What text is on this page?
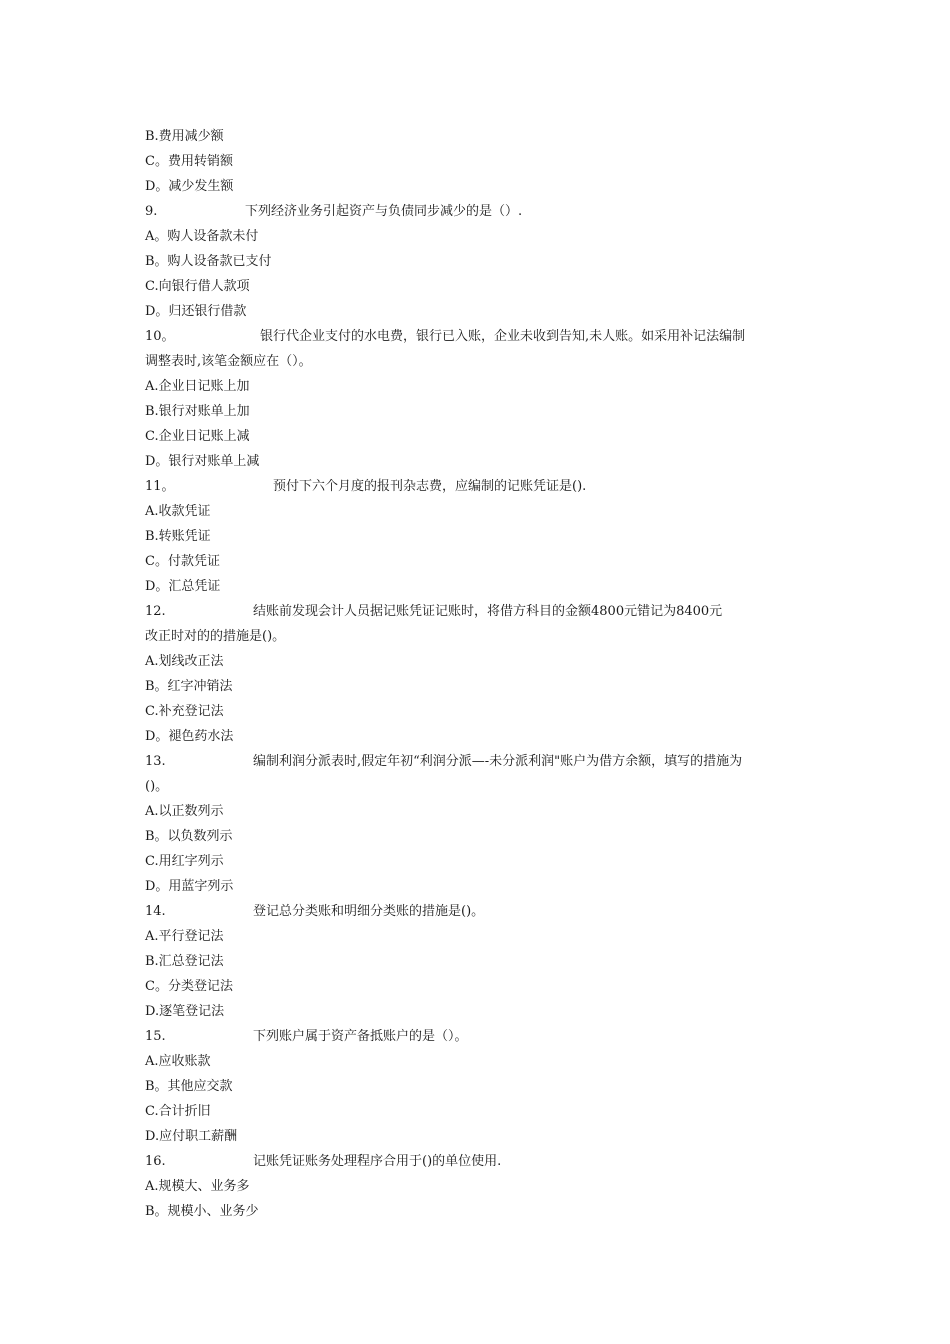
B.费用减少额
C。费用转销额
D。减少发生额
9.	下列经济业务引起资产与负债同步减少的是（）.
A。购人设备款未付
B。购人设备款已支付
C.向银行借人款项
D。归还银行借款
10。	银行代企业支付的水电费，银行已入账，企业未收到告知,未人账。如采用补记法编制
调整表时,该笔金额应在（）。
A.企业日记账上加
B.银行对账单上加
C.企业日记账上减
D。银行对账单上减
11。	预付下六个月度的报刊杂志费，应编制的记账凭证是().
A.收款凭证
B.转账凭证
C。付款凭证
D。汇总凭证
12.	结账前发现会计人员据记账凭证记账时，将借方科目的金额4800元错记为8400元
改正时对的的措施是()。
A.划线改正法
B。红字冲销法
C.补充登记法
D。褪色药水法
13.	编制利润分派表时,假定年初“利润分派—-未分派利润"账户为借方余额，填写的措施为
()。
A.以正数列示
B。以负数列示
C.用红字列示
D。用蓝字列示
14.	登记总分类账和明细分类账的措施是()。
A.平行登记法
B.汇总登记法
C。分类登记法
D.逐笔登记法
15.	下列账户属于资产备抵账户的是（）。
A.应收账款
B。其他应交款
C.合计折旧
D.应付职工薪酬
16.	记账凭证账务处理程序合用于()的单位使用.
A.规模大、业务多
B。规模小、业务少
